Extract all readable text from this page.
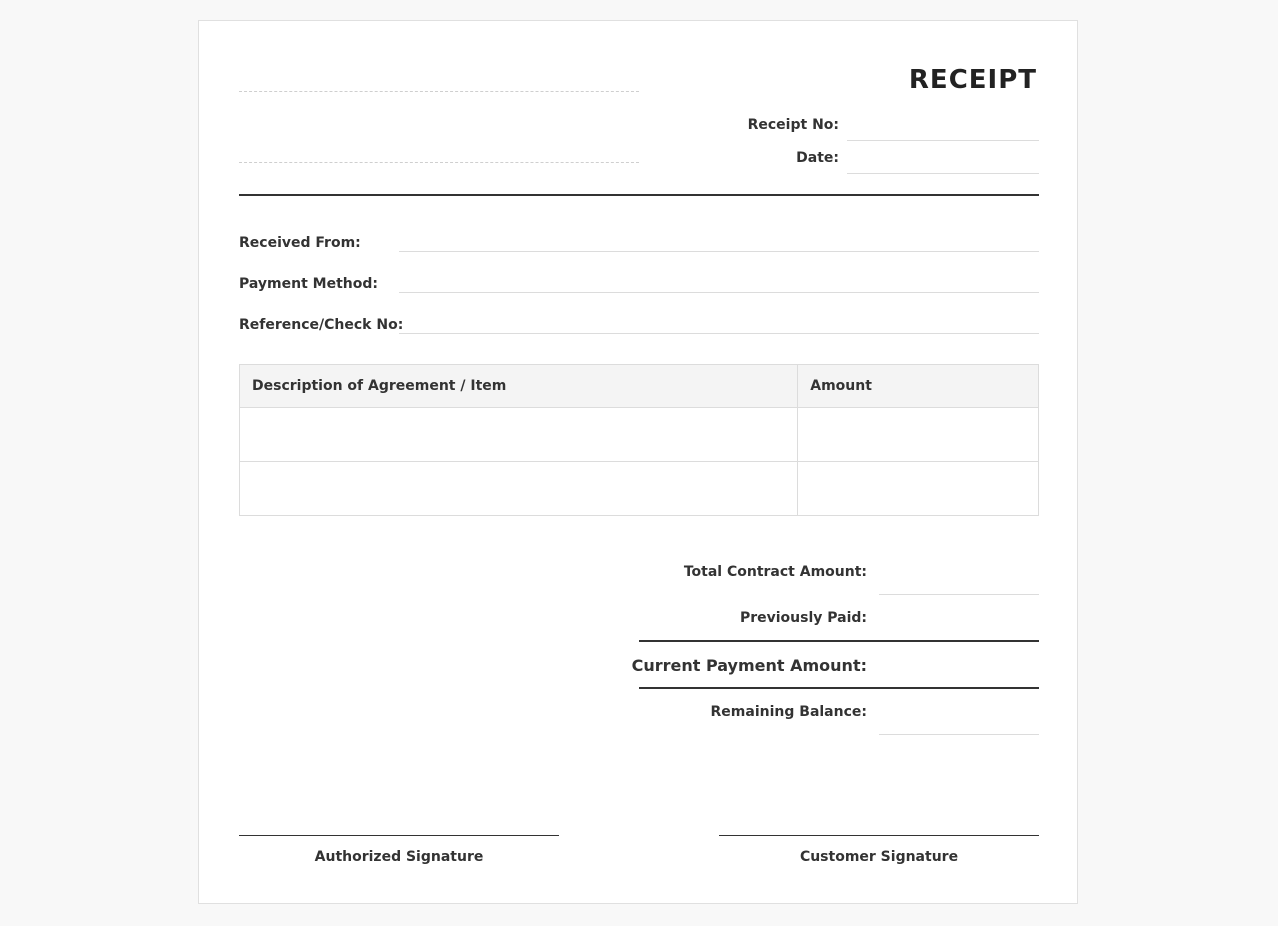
RECEIPT
Receipt No:
Date:
Received From:
Payment Method:
Reference/Check No:
Description of Agreement / Item	Amount

Total Contract Amount:
Previously Paid:
Current Payment Amount:
Remaining Balance:
Authorized Signature	Customer Signature
